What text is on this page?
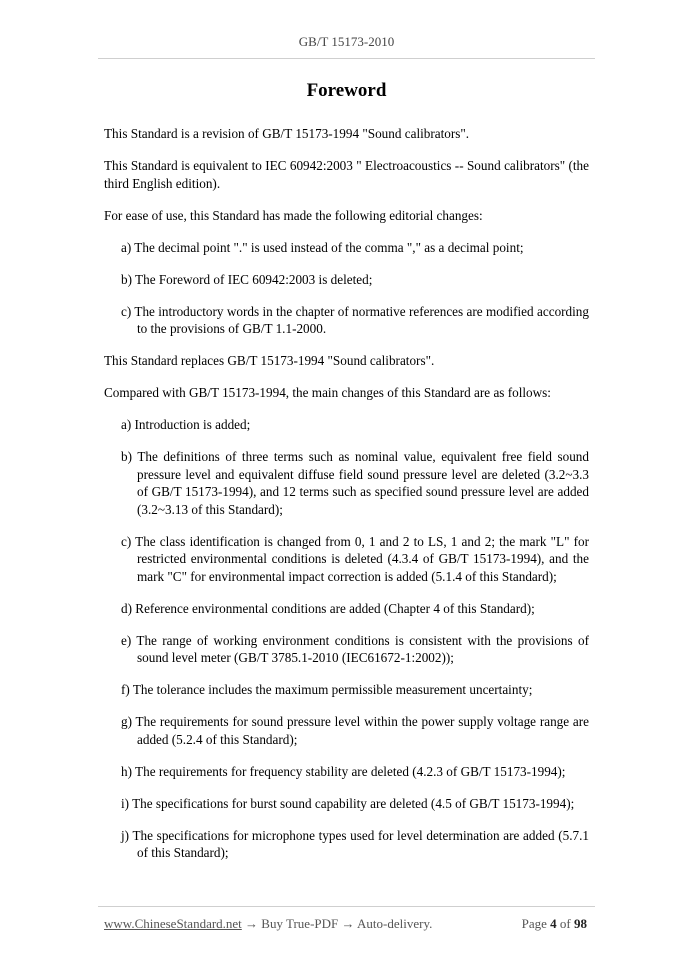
GB/T 15173-2010
Foreword

This Standard is a revision of GB/T 15173-1994 "Sound calibrators".

This Standard is equivalent to IEC 60942:2003 " Electroacoustics -- Sound calibrators" (the third English edition).

For ease of use, this Standard has made the following editorial changes:

a) The decimal point "." is used instead of the comma "," as a decimal point;
b) The Foreword of IEC 60942:2003 is deleted;
c) The introductory words in the chapter of normative references are modified according to the provisions of GB/T 1.1-2000.

This Standard replaces GB/T 15173-1994 "Sound calibrators".

Compared with GB/T 15173-1994, the main changes of this Standard are as follows:

a) Introduction is added;
b) The definitions of three terms such as nominal value, equivalent free field sound pressure level and equivalent diffuse field sound pressure level are deleted (3.2~3.3 of GB/T 15173-1994), and 12 terms such as specified sound pressure level are added (3.2~3.13 of this Standard);
c) The class identification is changed from 0, 1 and 2 to LS, 1 and 2; the mark "L" for restricted environmental conditions is deleted (4.3.4 of GB/T 15173-1994), and the mark "C" for environmental impact correction is added (5.1.4 of this Standard);
d) Reference environmental conditions are added (Chapter 4 of this Standard);
e) The range of working environment conditions is consistent with the provisions of sound level meter (GB/T 3785.1-2010 (IEC61672-1:2002));
f) The tolerance includes the maximum permissible measurement uncertainty;
g) The requirements for sound pressure level within the power supply voltage range are added (5.2.4 of this Standard);
h) The requirements for frequency stability are deleted (4.2.3 of GB/T 15173-1994);
i) The specifications for burst sound capability are deleted (4.5 of GB/T 15173-1994);
j) The specifications for microphone types used for level determination are added (5.7.1 of this Standard);
www.ChineseStandard.net → Buy True-PDF → Auto-delivery.	Page 4 of 98
